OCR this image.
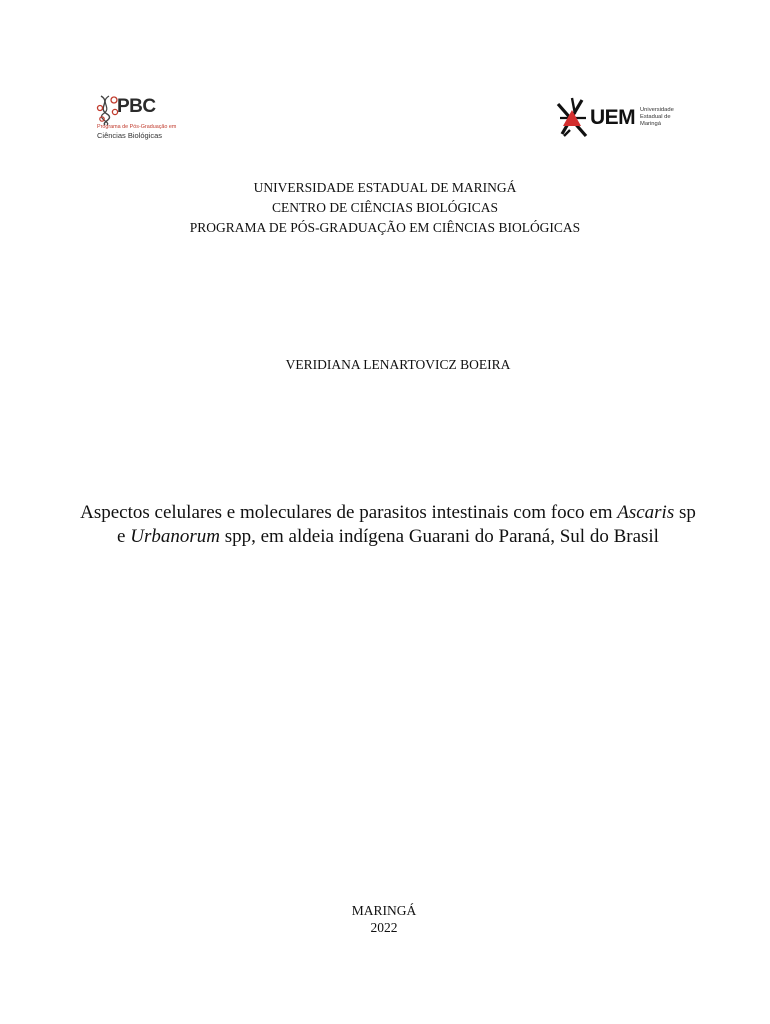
PBC
Programa de Pós-Graduação em
Ciências Biológicas
UEM Universidade
Estadual de
Maringá
UNIVERSIDADE ESTADUAL DE MARINGÁ
CENTRO DE CIÊNCIAS BIOLÓGICAS
PROGRAMA DE PÓS-GRADUAÇÃO EM CIÊNCIAS BIOLÓGICAS
VERIDIANA LENARTOVICZ BOEIRA
Aspectos celulares e moleculares de parasitos intestinais com foco em Ascaris sp e Urbanorum spp, em aldeia indígena Guarani do Paraná, Sul do Brasil
MARINGÁ
2022
